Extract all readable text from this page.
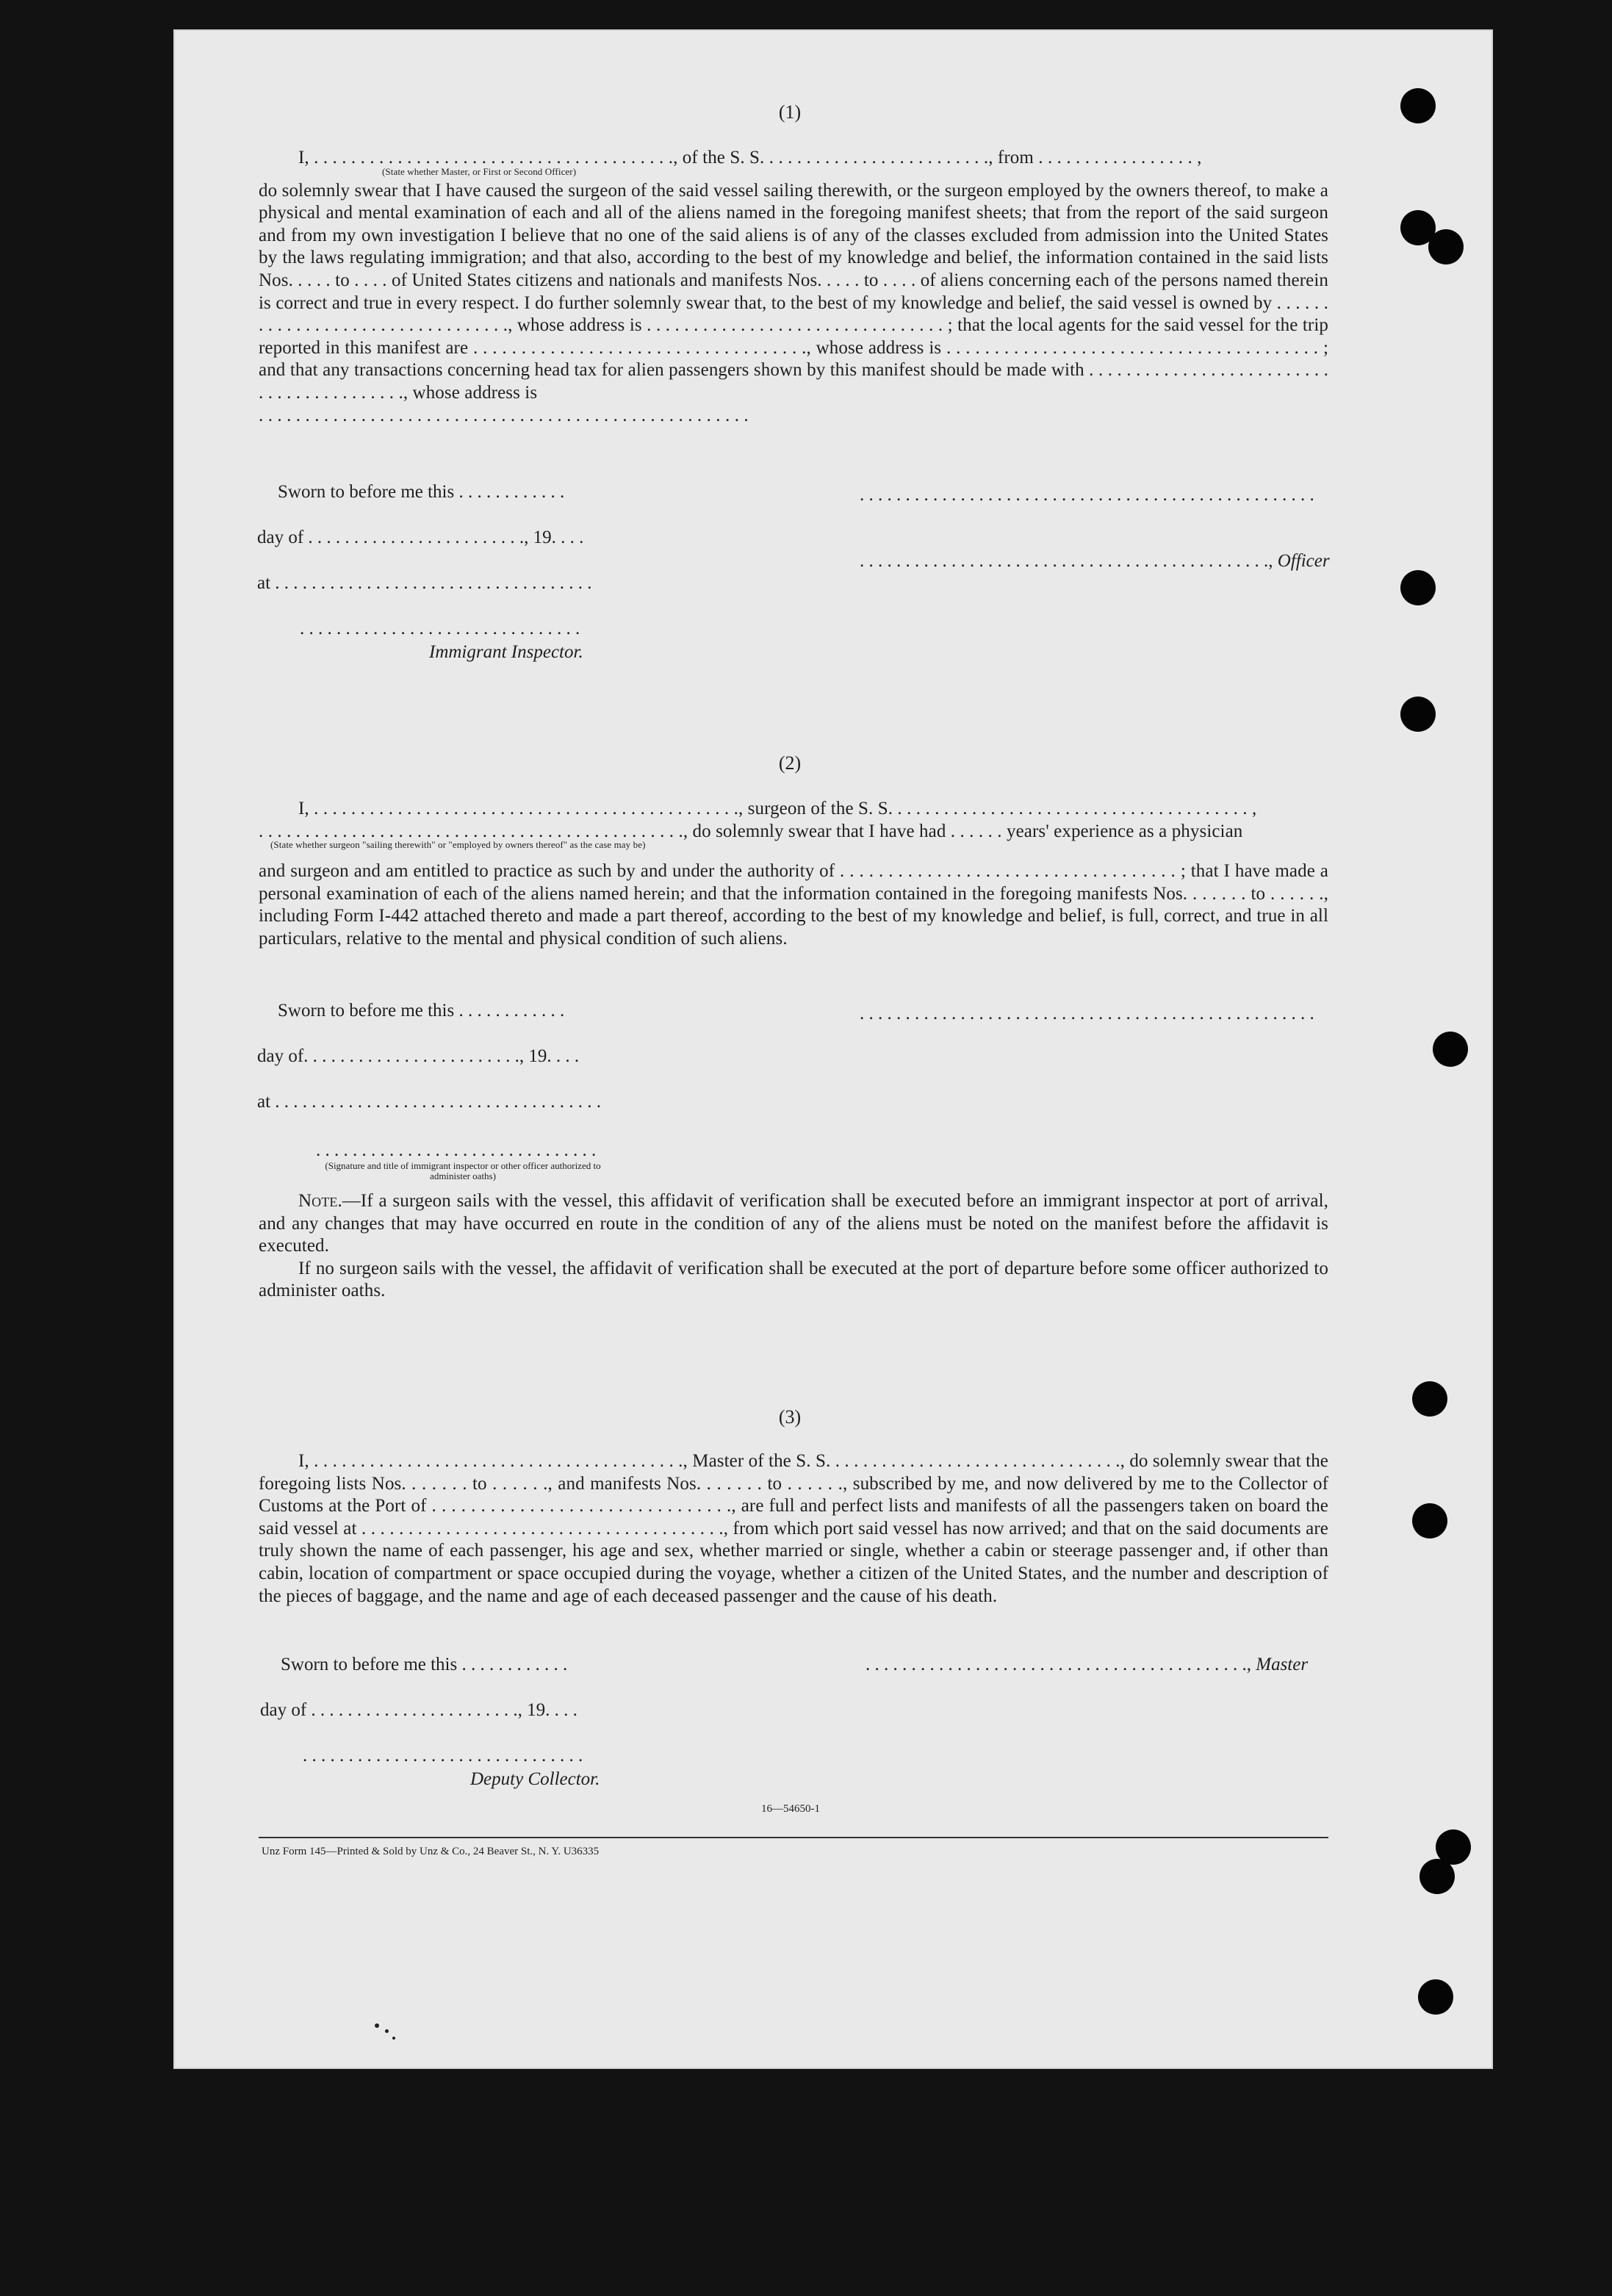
(1)
I, . . . . . . . . . . . . . . . . . . . . . . . . . . . . . . . . . . . . . . ., of the S. S. . . . . . . . . . . . . . . . . . . . . . . . ., from . . . . . . . . . . . . . . . . . ,
(State whether Master, or First or Second Officer)
do solemnly swear that I have caused the surgeon of the said vessel sailing therewith, or the surgeon employed by the owners thereof, to make a physical and mental examination of each and all of the aliens named in the foregoing manifest sheets; that from the report of the said surgeon and from my own investigation I believe that no one of the said aliens is of any of the classes excluded from admission into the United States by the laws regulating immigration; and that also, according to the best of my knowledge and belief, the information contained in the said lists Nos. . . . . to . . . . of United States citizens and nationals and manifests Nos. . . . . to . . . . of aliens concerning each of the persons named therein is correct and true in every respect. I do further solemnly swear that, to the best of my knowledge and belief, the said vessel is owned by . . . . . . . . . . . . . . . . . . . . . . . . . . . . . . . . ., whose address is . . . . . . . . . . . . . . . . . . . . . . . . . . . . . . . . ; that the local agents for the said vessel for the trip reported in this manifest are . . . . . . . . . . . . . . . . . . . . . . . . . . . . . . . . . . ., whose address is . . . . . . . . . . . . . . . . . . . . . . . . . . . . . . . . . . . . . . . ; and that any transactions concerning head tax for alien passengers shown by this manifest should be made with . . . . . . . . . . . . . . . . . . . . . . . . . . . . . . . . . . . . . . . . . ., whose address is
. . . . . . . . . . . . . . . . . . . . . . . . . . . . . . . . . . . . . . . . . . . . . . . . . . . . .
Sworn to before me this . . . . . . . . . . . .
day of . . . . . . . . . . . . . . . . . . . . . . . ., 19. . . .
at . . . . . . . . . . . . . . . . . . . . . . . . . . . . . . . . . . .
. . . . . . . . . . . . . . . . . . . . . . . . . . . . . . .
Immigrant Inspector.
. . . . . . . . . . . . . . . . . . . . . . . . . . . . . . . . . . . . . . . . . . . . . . . . . .
. . . . . . . . . . . . . . . . . . . . . . . . . . . . . . . . . . . . . . . . . . . . ., Officer
(2)
I, . . . . . . . . . . . . . . . . . . . . . . . . . . . . . . . . . . . . . . . . . . . . . ., surgeon of the S. S. . . . . . . . . . . . . . . . . . . . . . . . . . . . . . . . . . . . . . . ,
. . . . . . . . . . . . . . . . . . . . . . . . . . . . . . . . . . . . . . . . . . . . . ., do solemnly swear that I have had . . . . . . years' experience as a physician
(State whether surgeon "sailing therewith" or "employed by owners thereof" as the case may be)
and surgeon and am entitled to practice as such by and under the authority of . . . . . . . . . . . . . . . . . . . . . . . . . . . . . . . . . . . ; that I have made a personal examination of each of the aliens named herein; and that the information contained in the foregoing manifests Nos. . . . . . . to . . . . . ., including Form I-442 attached thereto and made a part thereof, according to the best of my knowledge and belief, is full, correct, and true in all particulars, relative to the mental and physical condition of such aliens.
Sworn to before me this . . . . . . . . . . . .
day of. . . . . . . . . . . . . . . . . . . . . . . ., 19. . . .
at . . . . . . . . . . . . . . . . . . . . . . . . . . . . . . . . . . . .
. . . . . . . . . . . . . . . . . . . . . . . . . . . . . . . . . . . . . . . . . . . . . . . . . .
. . . . . . . . . . . . . . . . . . . . . . . . . . . . . . .
(Signature and title of immigrant inspector or other officer authorized to administer oaths)
Note.—If a surgeon sails with the vessel, this affidavit of verification shall be executed before an immigrant inspector at port of arrival, and any changes that may have occurred en route in the condition of any of the aliens must be noted on the manifest before the affidavit is executed.
If no surgeon sails with the vessel, the affidavit of verification shall be executed at the port of departure before some officer authorized to administer oaths.
(3)
I, . . . . . . . . . . . . . . . . . . . . . . . . . . . . . . . . . . . . . . . ., Master of the S. S. . . . . . . . . . . . . . . . . . . . . . . . . . . . . . . ., do solemnly swear that the foregoing lists Nos. . . . . . . to . . . . . ., and manifests Nos. . . . . . . to . . . . . ., subscribed by me, and now delivered by me to the Collector of Customs at the Port of . . . . . . . . . . . . . . . . . . . . . . . . . . . . . . ., are full and perfect lists and manifests of all the passengers taken on board the said vessel at . . . . . . . . . . . . . . . . . . . . . . . . . . . . . . . . . . . . . . ., from which port said vessel has now arrived; and that on the said documents are truly shown the name of each passenger, his age and sex, whether married or single, whether a cabin or steerage passenger and, if other than cabin, location of compartment or space occupied during the voyage, whether a citizen of the United States, and the number and description of the pieces of baggage, and the name and age of each deceased passenger and the cause of his death.
Sworn to before me this . . . . . . . . . . . .
day of . . . . . . . . . . . . . . . . . . . . . . ., 19. . . .
. . . . . . . . . . . . . . . . . . . . . . . . . . . . . . .
Deputy Collector.
. . . . . . . . . . . . . . . . . . . . . . . . . . . . . . . . . . . . . . . . . ., Master
16—54650-1
Unz Form 145—Printed & Sold by Unz & Co., 24 Beaver St., N. Y. U36335
